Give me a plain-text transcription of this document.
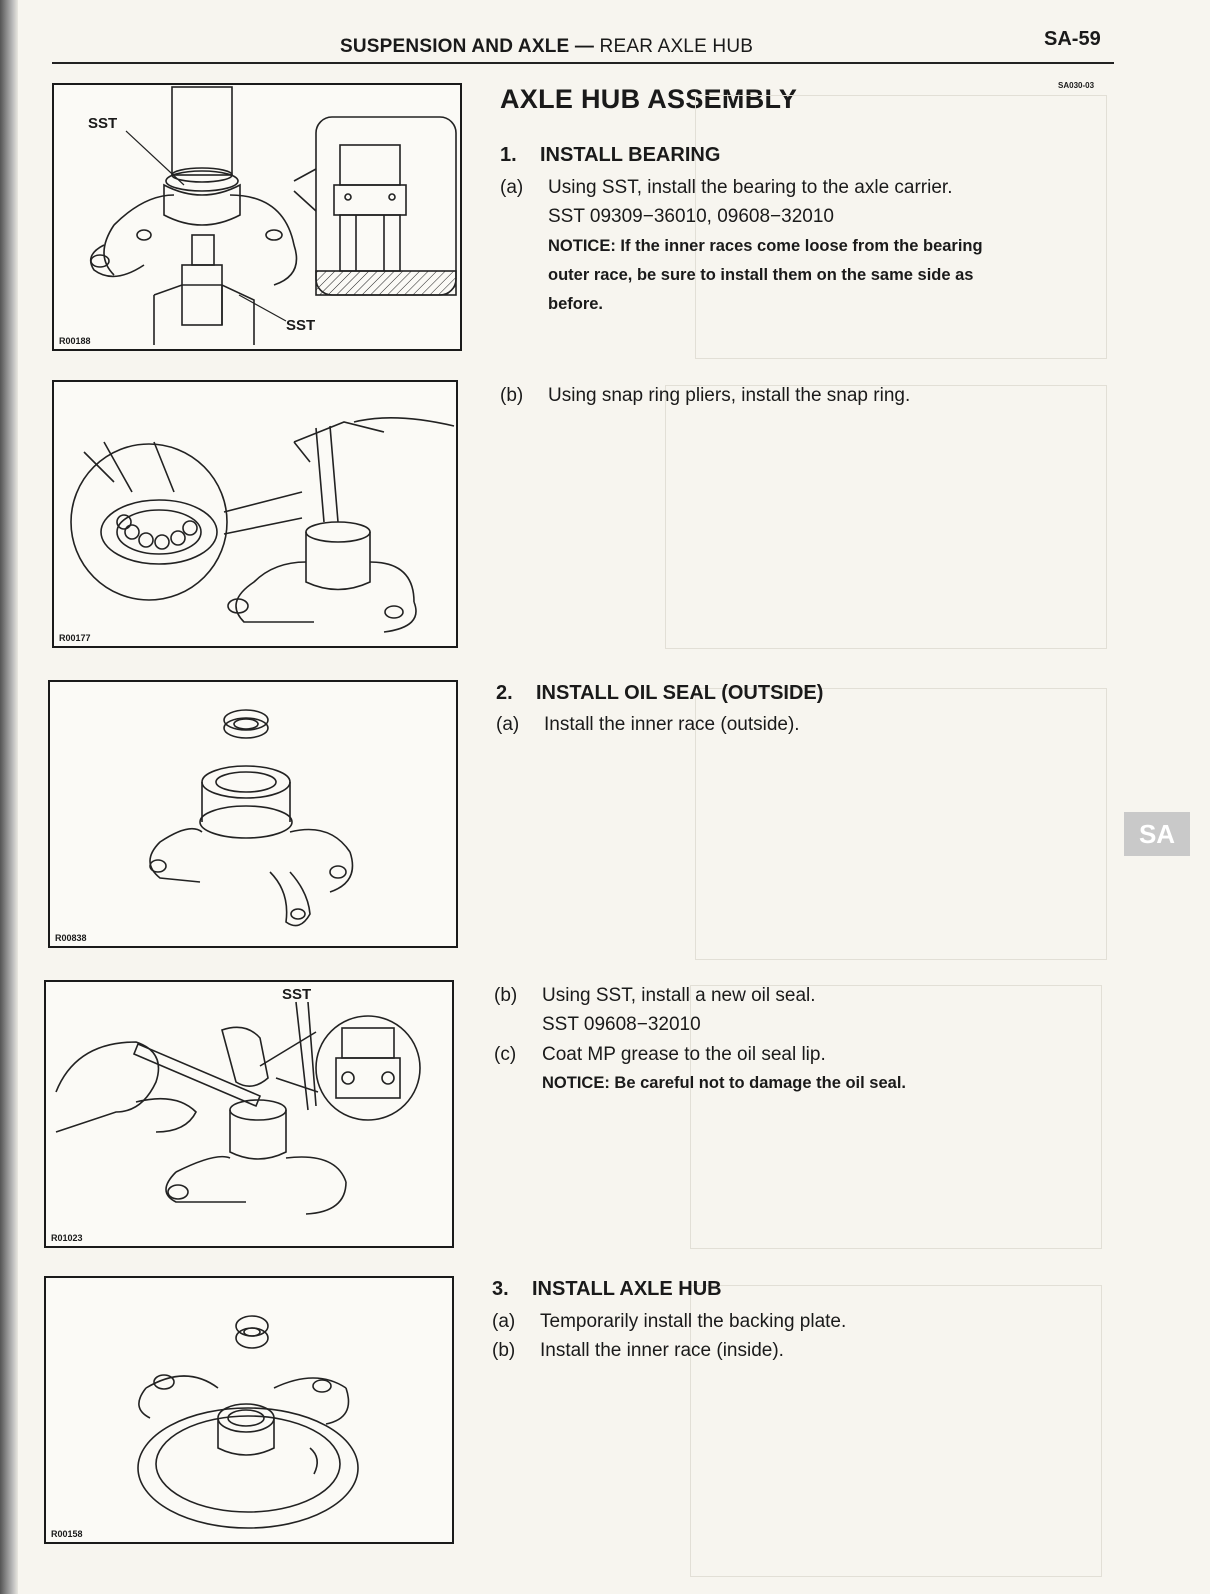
SUSPENSION AND AXLE — REAR AXLE HUB	SA-59
SA030-03
SA
AXLE HUB ASSEMBLY
SST
SST
R00188
R00177
R00838
SST
R01023
R00158
1. INSTALL BEARING
(a) Using SST, install the bearing to the axle carrier.
SST 09309−36010, 09608−32010
NOTICE: If the inner races come loose from the bearing
outer race, be sure to install them on the same side as
before.
(b) Using snap ring pliers, install the snap ring.
2. INSTALL OIL SEAL (OUTSIDE)
(a) Install the inner race (outside).
(b) Using SST, install a new oil seal.
SST 09608−32010
(c) Coat MP grease to the oil seal lip.
NOTICE: Be careful not to damage the oil seal.
3. INSTALL AXLE HUB
(a) Temporarily install the backing plate.
(b) Install the inner race (inside).
